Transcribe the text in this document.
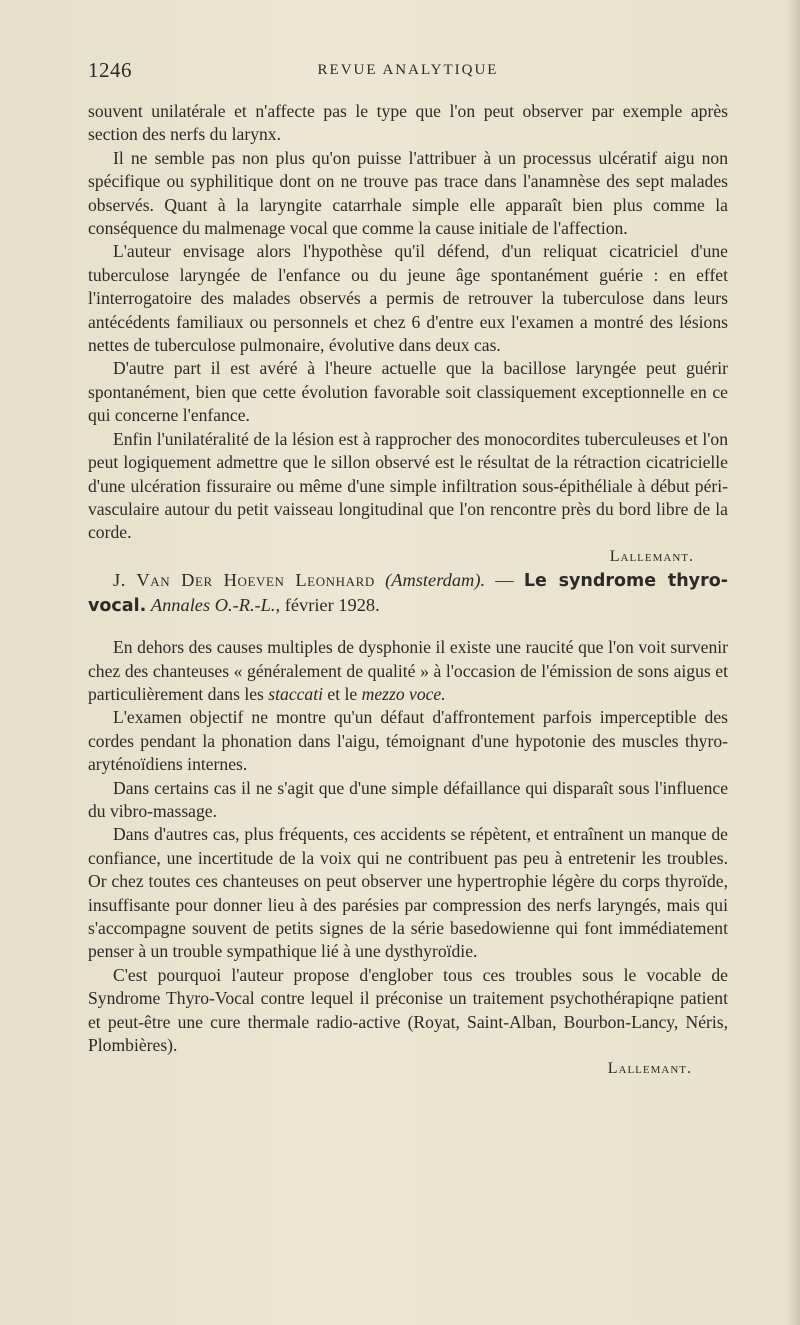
1246	REVUE ANALYTIQUE

souvent unilatérale et n'affecte pas le type que l'on peut observer par exemple après section des nerfs du larynx.

Il ne semble pas non plus qu'on puisse l'attribuer à un processus ulcératif aigu non spécifique ou syphilitique dont on ne trouve pas trace dans l'anamnèse des sept malades observés. Quant à la laryngite catarrhale simple elle apparaît bien plus comme la conséquence du malmenage vocal que comme la cause initiale de l'affection.

L'auteur envisage alors l'hypothèse qu'il défend, d'un reliquat cicatriciel d'une tuberculose laryngée de l'enfance ou du jeune âge spontanément guérie : en effet l'interrogatoire des malades observés a permis de retrouver la tuberculose dans leurs antécédents familiaux ou personnels et chez 6 d'entre eux l'examen a montré des lésions nettes de tuberculose pulmonaire, évolutive dans deux cas.

D'autre part il est avéré à l'heure actuelle que la bacillose laryngée peut guérir spontanément, bien que cette évolution favorable soit classiquement exceptionnelle en ce qui concerne l'enfance.

Enfin l'unilatéralité de la lésion est à rapprocher des monocordites tuberculeuses et l'on peut logiquement admettre que le sillon observé est le résultat de la rétraction cicatricielle d'une ulcération fissuraire ou même d'une simple infiltration sous-épithéliale à début péri-vasculaire autour du petit vaisseau longitudinal que l'on rencontre près du bord libre de la corde.

Lallemant.

J. Van Der Hoeven Leonhard (Amsterdam). — Le syndrome thyro-vocal. Annales O.-R.-L., février 1928.

En dehors des causes multiples de dysphonie il existe une raucité que l'on voit survenir chez des chanteuses « généralement de qualité » à l'occasion de l'émission de sons aigus et particulièrement dans les staccati et le mezzo voce.

L'examen objectif ne montre qu'un défaut d'affrontement parfois imperceptible des cordes pendant la phonation dans l'aigu, témoignant d'une hypotonie des muscles thyro-aryténoïdiens internes.

Dans certains cas il ne s'agit que d'une simple défaillance qui disparaît sous l'influence du vibro-massage.

Dans d'autres cas, plus fréquents, ces accidents se répètent, et entraînent un manque de confiance, une incertitude de la voix qui ne contribuent pas peu à entretenir les troubles. Or chez toutes ces chanteuses on peut observer une hypertrophie légère du corps thyroïde, insuffisante pour donner lieu à des parésies par compression des nerfs laryngés, mais qui s'accompagne souvent de petits signes de la série basedowienne qui font immédiatement penser à un trouble sympathique lié à une dysthyroïdie.

C'est pourquoi l'auteur propose d'englober tous ces troubles sous le vocable de Syndrome Thyro-Vocal contre lequel il préconise un traitement psychothérapiqne patient et peut-être une cure thermale radio-active (Royat, Saint-Alban, Bourbon-Lancy, Néris, Plombières).

Lallemant.
